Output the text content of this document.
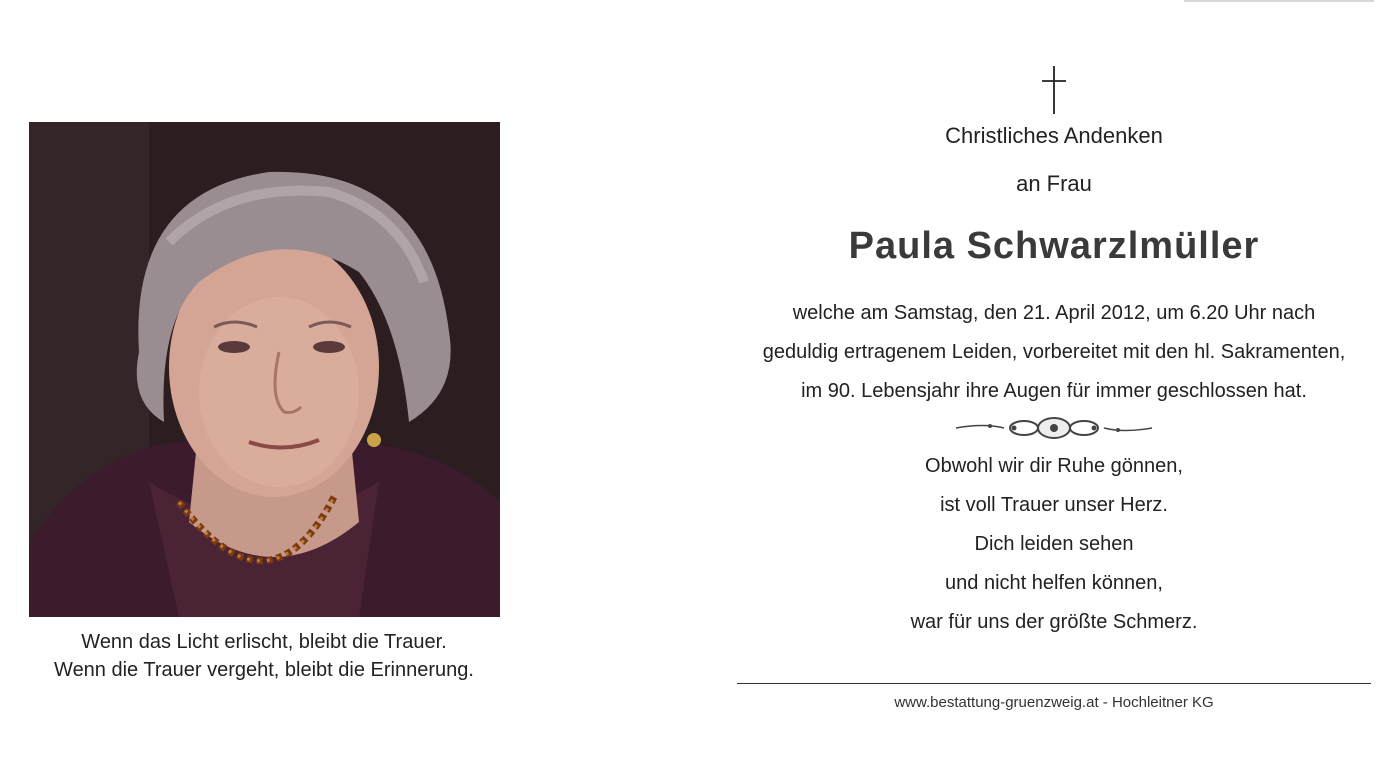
Wenn das Licht erlischt, bleibt die Trauer.
Wenn die Trauer vergeht, bleibt die Erinnerung.
Christliches Andenken
an Frau
Paula Schwarzlmüller
welche am Samstag, den 21. April 2012, um 6.20 Uhr nach
geduldig ertragenem Leiden, vorbereitet mit den hl. Sakramenten,
im 90. Lebensjahr ihre Augen für immer geschlossen hat.
Obwohl wir dir Ruhe gönnen,
ist voll Trauer unser Herz.
Dich leiden sehen
und nicht helfen können,
war für uns der größte Schmerz.
www.bestattung-gruenzweig.at - Hochleitner KG
